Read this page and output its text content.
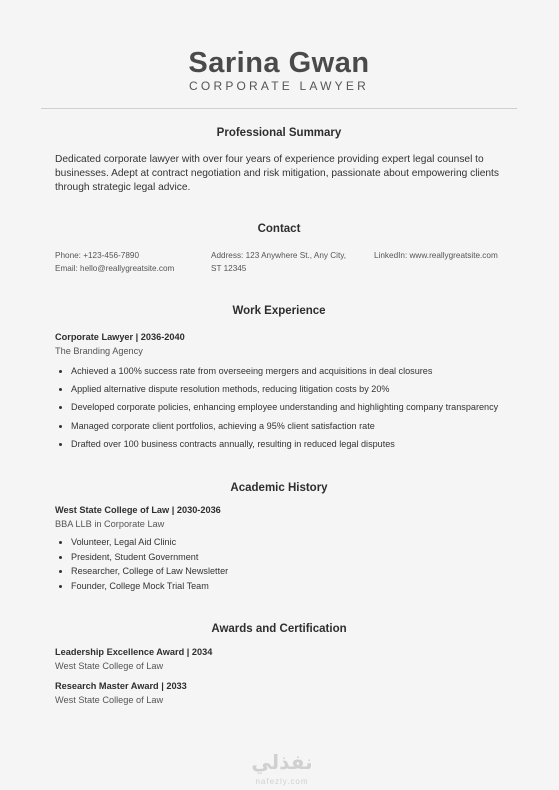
Sarina Gwan
CORPORATE LAWYER
Professional Summary
Dedicated corporate lawyer with over four years of experience providing expert legal counsel to businesses. Adept at contract negotiation and risk mitigation, passionate about empowering clients through strategic legal advice.
Contact
Phone: +123-456-7890
Email: hello@reallygreatsite.com
Address: 123 Anywhere St., Any City,
ST 12345
LinkedIn: www.reallygreatsite.com
Work Experience
Corporate Lawyer | 2036-2040
The Branding Agency
• Achieved a 100% success rate from overseeing mergers and acquisitions in deal closures
• Applied alternative dispute resolution methods, reducing litigation costs by 20%
• Developed corporate policies, enhancing employee understanding and highlighting company transparency
• Managed corporate client portfolios, achieving a 95% client satisfaction rate
• Drafted over 100 business contracts annually, resulting in reduced legal disputes
Academic History
West State College of Law | 2030-2036
BBA LLB in Corporate Law
• Volunteer, Legal Aid Clinic
• President, Student Government
• Researcher, College of Law Newsletter
• Founder, College Mock Trial Team
Awards and Certification
Leadership Excellence Award | 2034
West State College of Law
Research Master Award | 2033
West State College of Law
نفذلي
nafezly.com
